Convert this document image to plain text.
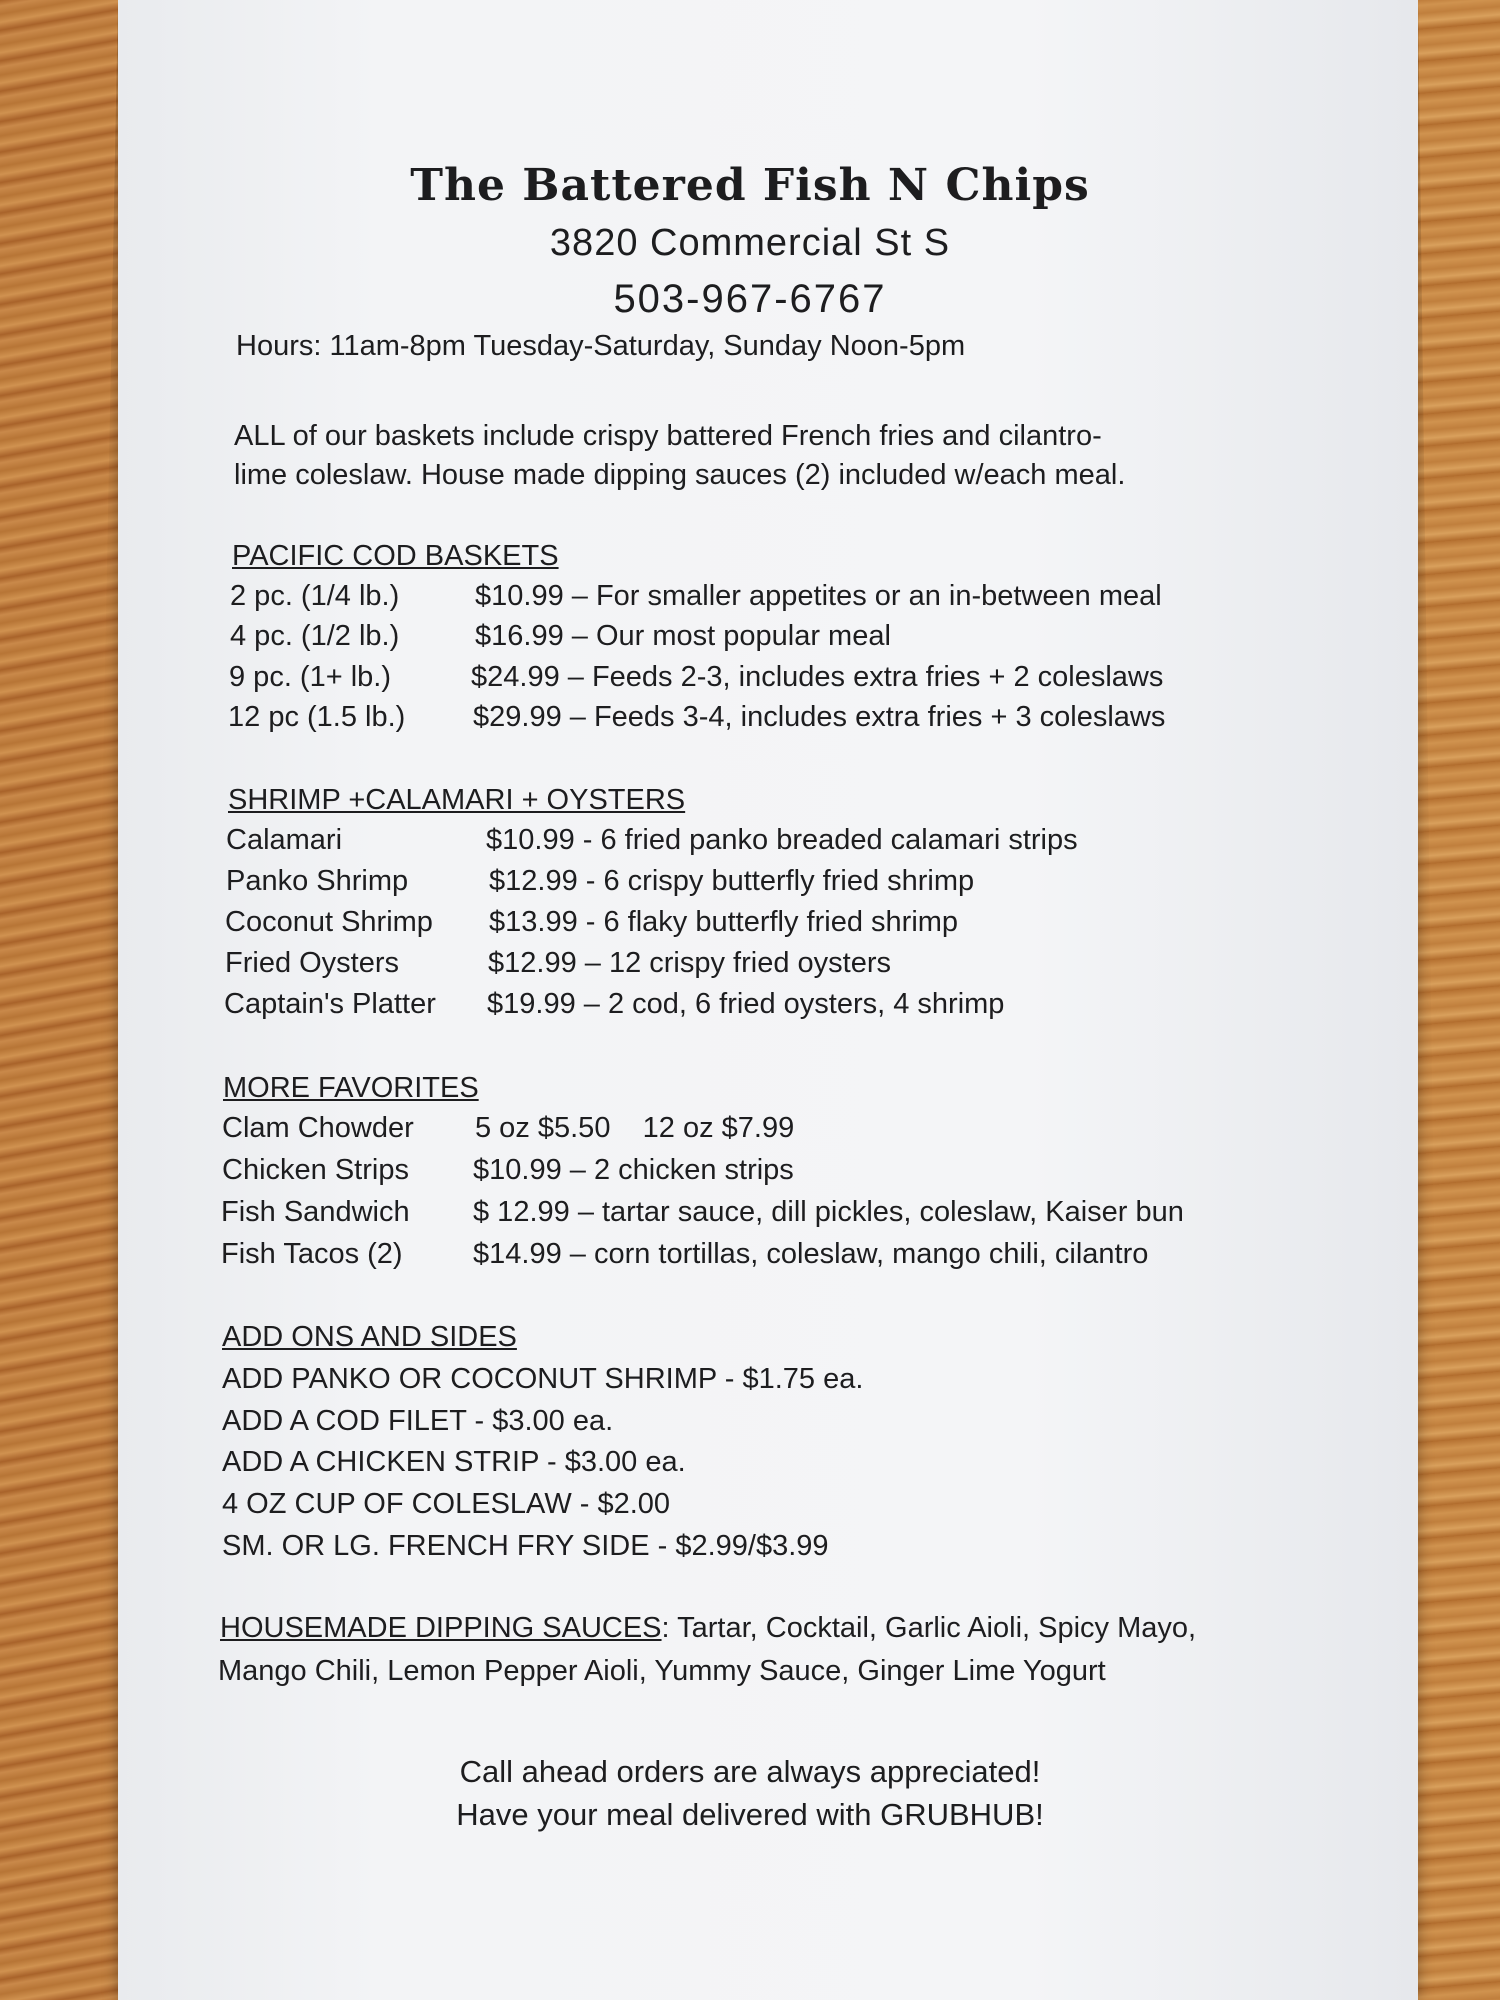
The Battered Fish N Chips
3820 Commercial St S
503-967-6767
Hours: 11am-8pm Tuesday-Saturday, Sunday Noon-5pm
ALL of our baskets include crispy battered French fries and cilantro-
lime coleslaw. House made dipping sauces (2) included w/each meal.
PACIFIC COD BASKETS
2 pc. (1/4 lb.)	$10.99 – For smaller appetites or an in-between meal
4 pc. (1/2 lb.)	$16.99 – Our most popular meal
9 pc. (1+ lb.)	$24.99 – Feeds 2-3, includes extra fries + 2 coleslaws
12 pc (1.5 lb.) $29.99 – Feeds 3-4, includes extra fries + 3 coleslaws
SHRIMP +CALAMARI + OYSTERS
Calamari	$10.99 - 6 fried panko breaded calamari strips
Panko Shrimp	$12.99 - 6 crispy butterfly fried shrimp
Coconut Shrimp $13.99 - 6 flaky butterfly fried shrimp
Fried Oysters	$12.99 – 12 crispy fried oysters
Captain's Platter $19.99 – 2 cod, 6 fried oysters, 4 shrimp
MORE FAVORITES
Clam Chowder 5 oz $5.50    12 oz $7.99
Chicken Strips $10.99 – 2 chicken strips
Fish Sandwich $ 12.99 – tartar sauce, dill pickles, coleslaw, Kaiser bun
Fish Tacos (2) $14.99 – corn tortillas, coleslaw, mango chili, cilantro
ADD ONS AND SIDES
ADD PANKO OR COCONUT SHRIMP - $1.75 ea.
ADD A COD FILET - $3.00 ea.
ADD A CHICKEN STRIP - $3.00 ea.
4 OZ CUP OF COLESLAW - $2.00
SM. OR LG. FRENCH FRY SIDE - $2.99/$3.99
HOUSEMADE DIPPING SAUCES: Tartar, Cocktail, Garlic Aioli, Spicy Mayo,
Mango Chili, Lemon Pepper Aioli, Yummy Sauce, Ginger Lime Yogurt
Call ahead orders are always appreciated!
Have your meal delivered with GRUBHUB!
